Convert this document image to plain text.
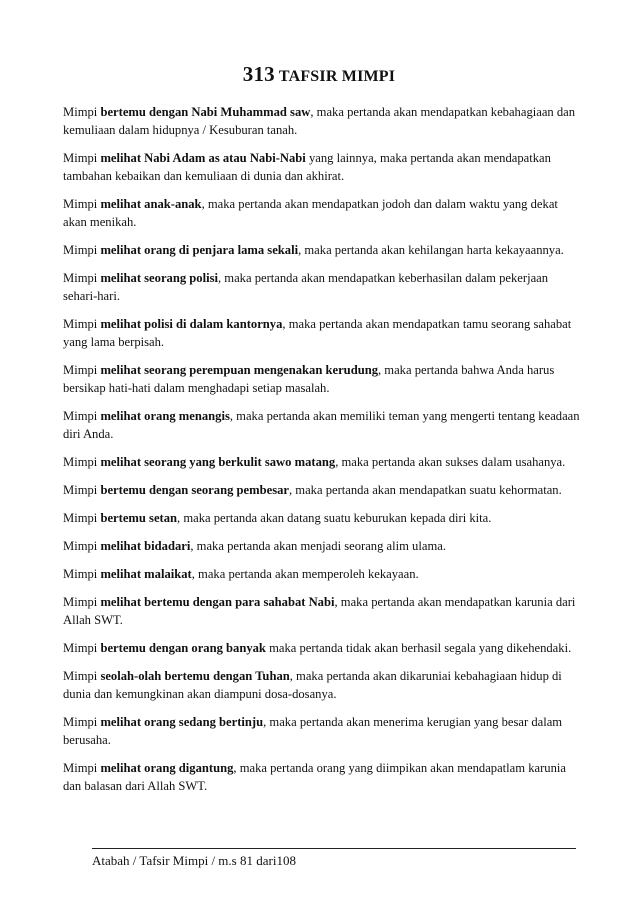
313 TAFSIR MIMPI

Mimpi bertemu dengan Nabi Muhammad saw, maka pertanda akan mendapatkan kebahagiaan dan kemuliaan dalam hidupnya / Kesuburan tanah.

Mimpi melihat Nabi Adam as atau Nabi-Nabi yang lainnya, maka pertanda akan mendapatkan tambahan kebaikan dan kemuliaan di dunia dan akhirat.

Mimpi melihat anak-anak, maka pertanda akan mendapatkan jodoh dan dalam waktu yang dekat akan menikah.

Mimpi melihat orang di penjara lama sekali, maka pertanda akan kehilangan harta kekayaannya.

Mimpi melihat seorang polisi, maka pertanda akan mendapatkan keberhasilan dalam pekerjaan sehari-hari.

Mimpi melihat polisi di dalam kantornya, maka pertanda akan mendapatkan tamu seorang sahabat yang lama berpisah.

Mimpi melihat seorang perempuan mengenakan kerudung, maka pertanda bahwa Anda harus bersikap hati-hati dalam menghadapi setiap masalah.

Mimpi melihat orang menangis, maka pertanda akan memiliki teman yang mengerti tentang keadaan diri Anda.

Mimpi melihat seorang yang berkulit sawo matang, maka pertanda akan sukses dalam usahanya.

Mimpi bertemu dengan seorang pembesar, maka pertanda akan mendapatkan suatu kehormatan.

Mimpi bertemu setan, maka pertanda akan datang suatu keburukan kepada diri kita.

Mimpi melihat bidadari, maka pertanda akan menjadi seorang alim ulama.

Mimpi melihat malaikat, maka pertanda akan memperoleh kekayaan.

Mimpi melihat bertemu dengan para sahabat Nabi, maka pertanda akan mendapatkan karunia dari Allah SWT.

Mimpi bertemu dengan orang banyak maka pertanda tidak akan berhasil segala yang dikehendaki.

Mimpi seolah-olah bertemu dengan Tuhan, maka pertanda akan dikaruniai kebahagiaan hidup di dunia dan kemungkinan akan diampuni dosa-dosanya.

Mimpi melihat orang sedang bertinju, maka pertanda akan menerima kerugian yang besar dalam berusaha.

Mimpi melihat orang digantung, maka pertanda orang yang diimpikan akan mendapatlam karunia dan balasan dari Allah SWT.

Atabah / Tafsir Mimpi / m.s 81 dari108
